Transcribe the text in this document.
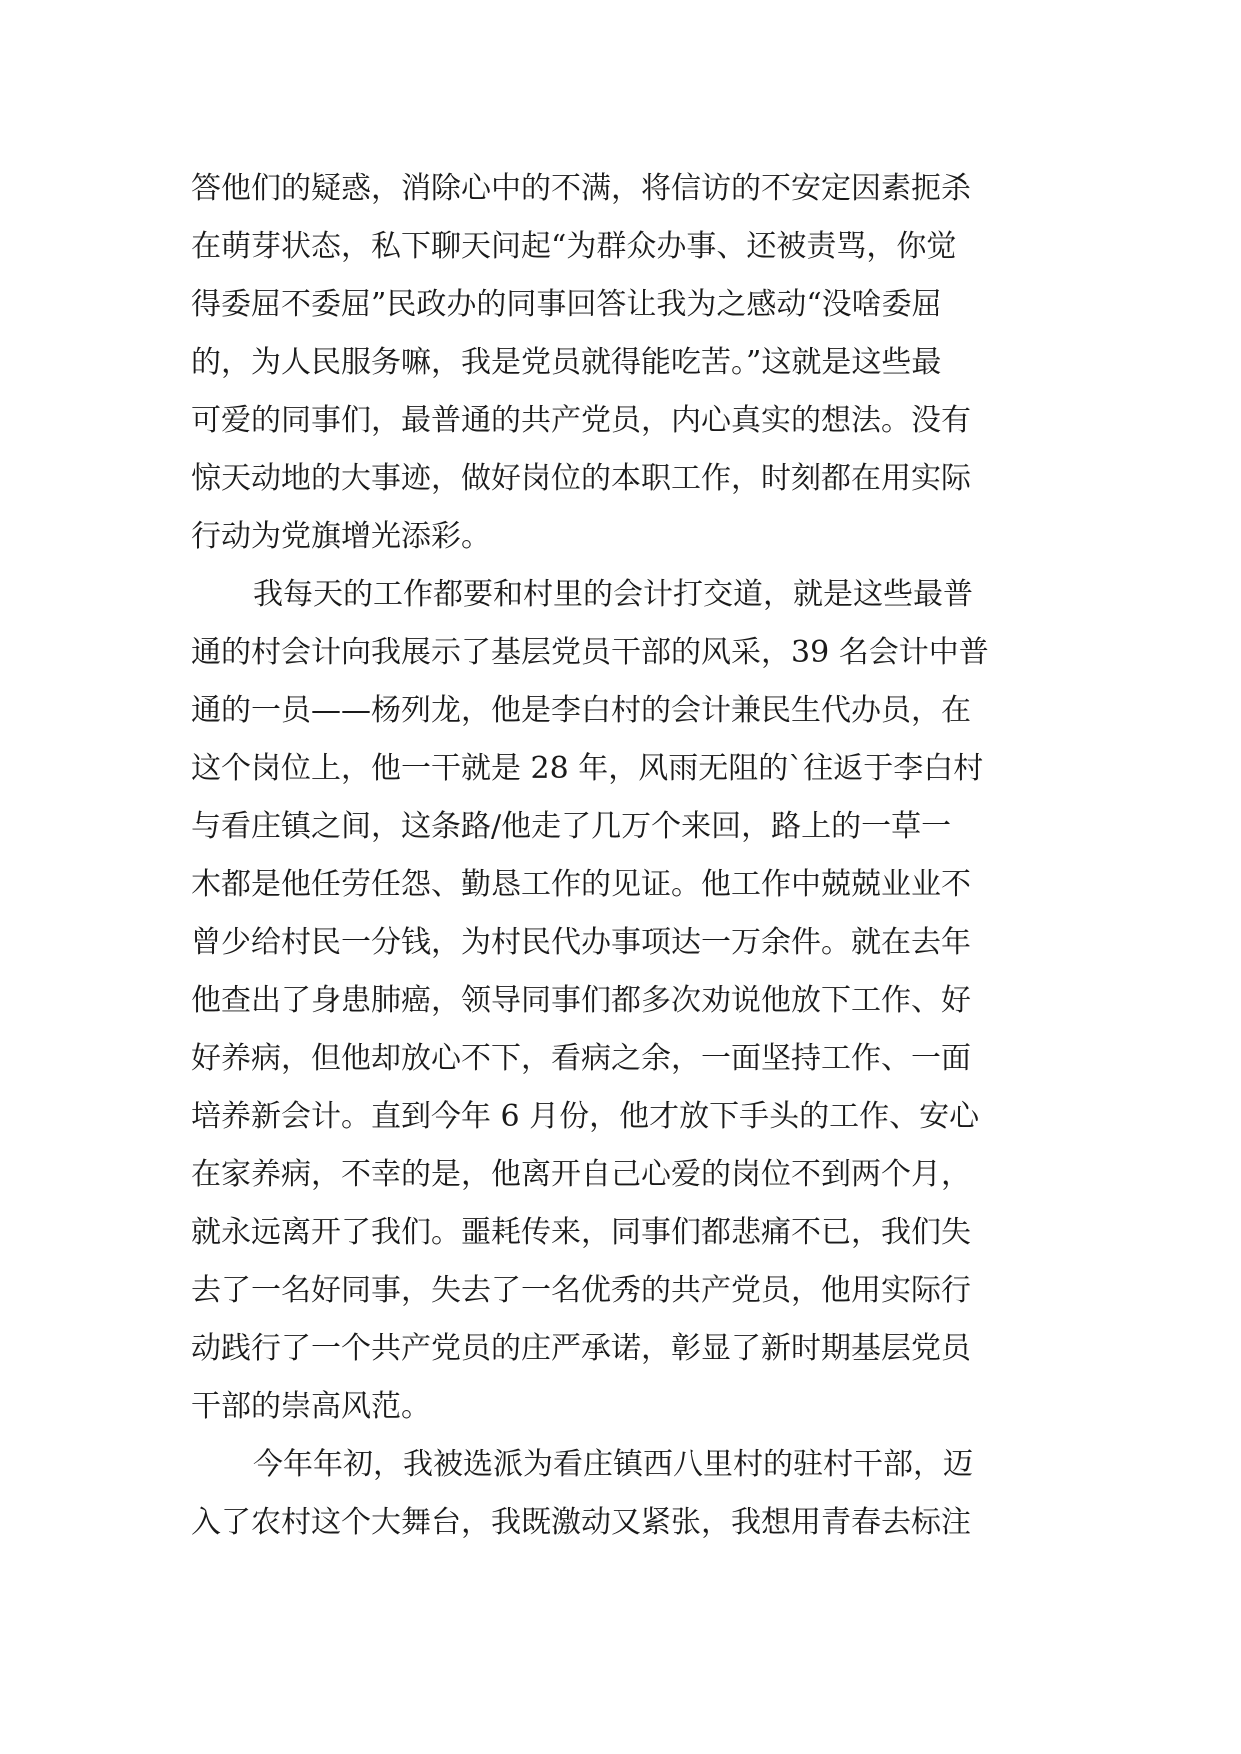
答他们的疑惑，消除心中的不满，将信访的不安定因素扼杀
在萌芽状态，私下聊天问起“为群众办事、还被责骂，你觉
得委屈不委屈”民政办的同事回答让我为之感动“没啥委屈
的，为人民服务嘛，我是党员就得能吃苦。”这就是这些最
可爱的同事们，最普通的共产党员，内心真实的想法。没有
惊天动地的大事迹，做好岗位的本职工作，时刻都在用实际
行动为党旗增光添彩。
我每天的工作都要和村里的会计打交道，就是这些最普
通的村会计向我展示了基层党员干部的风采，39 名会计中普
通的一员——杨列龙，他是李白村的会计兼民生代办员，在
这个岗位上，他一干就是 28 年，风雨无阻的`往返于李白村
与看庄镇之间，这条路/他走了几万个来回，路上的一草一
木都是他任劳任怨、勤恳工作的见证。他工作中兢兢业业不
曾少给村民一分钱，为村民代办事项达一万余件。就在去年
他查出了身患肺癌，领导同事们都多次劝说他放下工作、好
好养病，但他却放心不下，看病之余，一面坚持工作、一面
培养新会计。直到今年 6 月份，他才放下手头的工作、安心
在家养病，不幸的是，他离开自己心爱的岗位不到两个月，
就永远离开了我们。噩耗传来，同事们都悲痛不已，我们失
去了一名好同事，失去了一名优秀的共产党员，他用实际行
动践行了一个共产党员的庄严承诺，彰显了新时期基层党员
干部的崇高风范。
今年年初，我被选派为看庄镇西八里村的驻村干部，迈
入了农村这个大舞台，我既激动又紧张，我想用青春去标注
